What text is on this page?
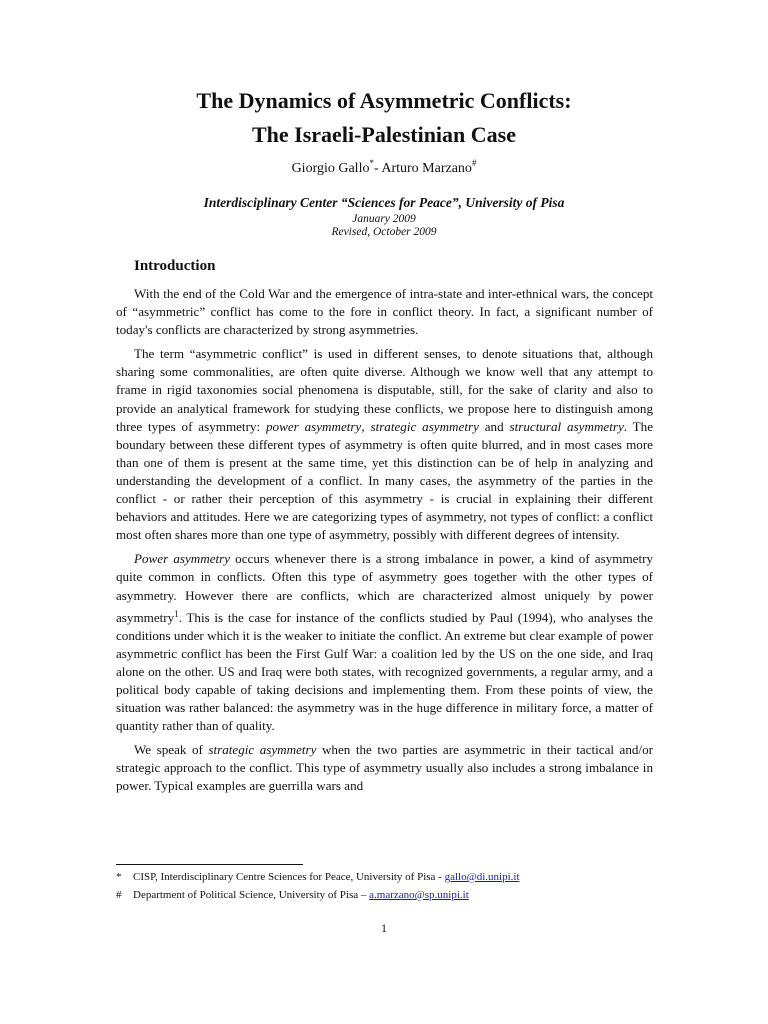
The Dynamics of Asymmetric Conflicts:
The Israeli-Palestinian Case
Giorgio Gallo*- Arturo Marzano#
Interdisciplinary Center “Sciences for Peace”, University of Pisa
January 2009
Revised, October 2009
Introduction

With the end of the Cold War and the emergence of intra-state and inter-ethnical wars, the concept of “asymmetric” conflict has come to the fore in conflict theory. In fact, a significant number of today's conflicts are characterized by strong asymmetries.

The term “asymmetric conflict” is used in different senses, to denote situations that, although sharing some commonalities, are often quite diverse. Although we know well that any attempt to frame in rigid taxonomies social phenomena is disputable, still, for the sake of clarity and also to provide an analytical framework for studying these conflicts, we propose here to distinguish among three types of asymmetry: power asymmetry, strategic asymmetry and structural asymmetry. The boundary between these different types of asymmetry is often quite blurred, and in most cases more than one of them is present at the same time, yet this distinction can be of help in analyzing and understanding the development of a conflict. In many cases, the asymmetry of the parties in the conflict - or rather their perception of this asymmetry - is crucial in explaining their different behaviors and attitudes. Here we are categorizing types of asymmetry, not types of conflict: a conflict most often shares more than one type of asymmetry, possibly with different degrees of intensity.

Power asymmetry occurs whenever there is a strong imbalance in power, a kind of asymmetry quite common in conflicts. Often this type of asymmetry goes together with the other types of asymmetry. However there are conflicts, which are characterized almost uniquely by power asymmetry$^1$. This is the case for instance of the conflicts studied by Paul (1994), who analyses the conditions under which it is the weaker to initiate the conflict. An extreme but clear example of power asymmetric conflict has been the First Gulf War: a coalition led by the US on the one side, and Iraq alone on the other. US and Iraq were both states, with recognized governments, a regular army, and a political body capable of taking decisions and implementing them. From these points of view, the situation was rather balanced: the asymmetry was in the huge difference in military force, a matter of quantity rather than of quality.

We speak of strategic asymmetry when the two parties are asymmetric in their tactical and/or strategic approach to the conflict. This type of asymmetry usually also includes a strong imbalance in power. Typical examples are guerrilla wars and

* CISP, Interdisciplinary Centre Sciences for Peace, University of Pisa - gallo@di.unipi.it
# Department of Political Science, University of Pisa – a.marzano@sp.unipi.it
1
